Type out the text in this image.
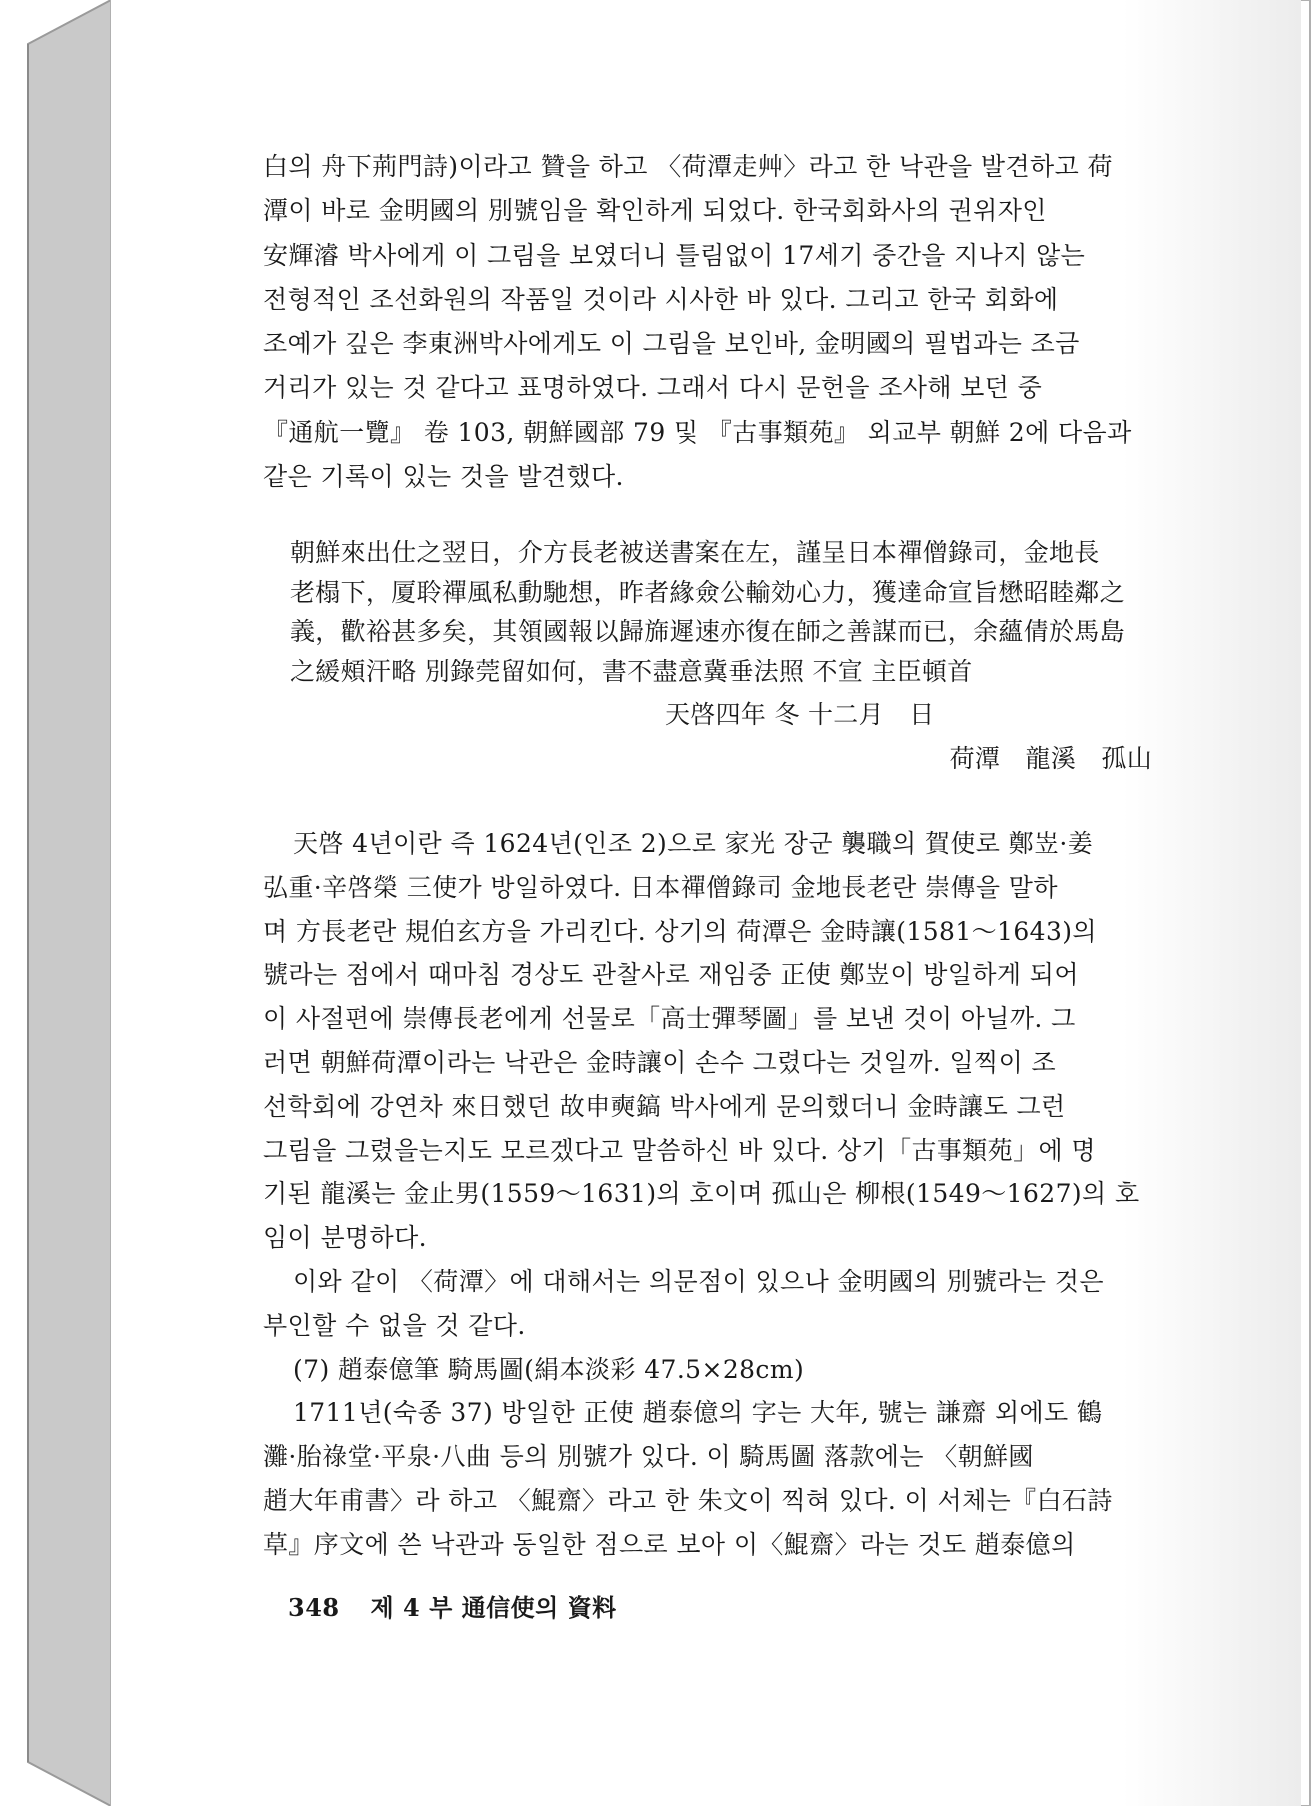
白의 舟下荊門詩)이라고 贊을 하고 〈荷潭走艸〉라고 한 낙관을 발견하고 荷
潭이 바로 金明國의 別號임을 확인하게 되었다. 한국회화사의 권위자인
安輝濬 박사에게 이 그림을 보였더니 틀림없이 17세기 중간을 지나지 않는
전형적인 조선화원의 작품일 것이라 시사한 바 있다. 그리고 한국 회화에
조예가 깊은 李東洲박사에게도 이 그림을 보인바, 金明國의 필법과는 조금
거리가 있는 것 같다고 표명하였다. 그래서 다시 문헌을 조사해 보던 중
『通航一覽』 卷 103, 朝鮮國部 79 및 『古事類苑』 외교부 朝鮮 2에 다음과
같은 기록이 있는 것을 발견했다.
朝鮮來出仕之翌日，介方長老被送書案在左，謹呈日本禪僧錄司，金地長
老榻下，厦聆禪風私動馳想，昨者緣僉公輸効心力，獲達命宣旨懋昭睦鄰之
義，歡裕甚多矣，其領國報以歸旆遲速亦復在師之善謀而已，余蘊倩於馬島
之緩頰汗略 別錄莞留如何，書不盡意冀垂法照 不宣 主臣頓首
天啓四年 冬 十二月　日
荷潭　龍溪　孤山
天啓 4년이란 즉 1624년(인조 2)으로 家光 장군 襲職의 賀使로 鄭岦·姜
弘重·辛啓榮 三使가 방일하였다. 日本禪僧錄司 金地長老란 崇傳을 말하
며 方長老란 規伯玄方을 가리킨다. 상기의 荷潭은 金時讓(1581～1643)의
號라는 점에서 때마침 경상도 관찰사로 재임중 正使 鄭岦이 방일하게 되어
이 사절편에 崇傳長老에게 선물로「高士彈琴圖」를 보낸 것이 아닐까. 그
러면 朝鮮荷潭이라는 낙관은 金時讓이 손수 그렸다는 것일까. 일찍이 조
선학회에 강연차 來日했던 故申奭鎬 박사에게 문의했더니 金時讓도 그런
그림을 그렸을는지도 모르겠다고 말씀하신 바 있다. 상기「古事類苑」에 명
기된 龍溪는 金止男(1559～1631)의 호이며 孤山은 柳根(1549～1627)의 호
임이 분명하다.
이와 같이 〈荷潭〉에 대해서는 의문점이 있으나 金明國의 別號라는 것은
부인할 수 없을 것 같다.
(7) 趙泰億筆 騎馬圖(絹本淡彩 47.5×28cm)
1711년(숙종 37) 방일한 正使 趙泰億의 字는 大年, 號는 謙齋 외에도 鶴
灘·胎祿堂·平泉·八曲 등의 別號가 있다. 이 騎馬圖 落款에는 〈朝鮮國
趙大年甫書〉라 하고 〈鯤齋〉라고 한 朱文이 찍혀 있다. 이 서체는『白石詩
草』序文에 쓴 낙관과 동일한 점으로 보아 이〈鯤齋〉라는 것도 趙泰億의
348 제 4 부 通信使의 資料
